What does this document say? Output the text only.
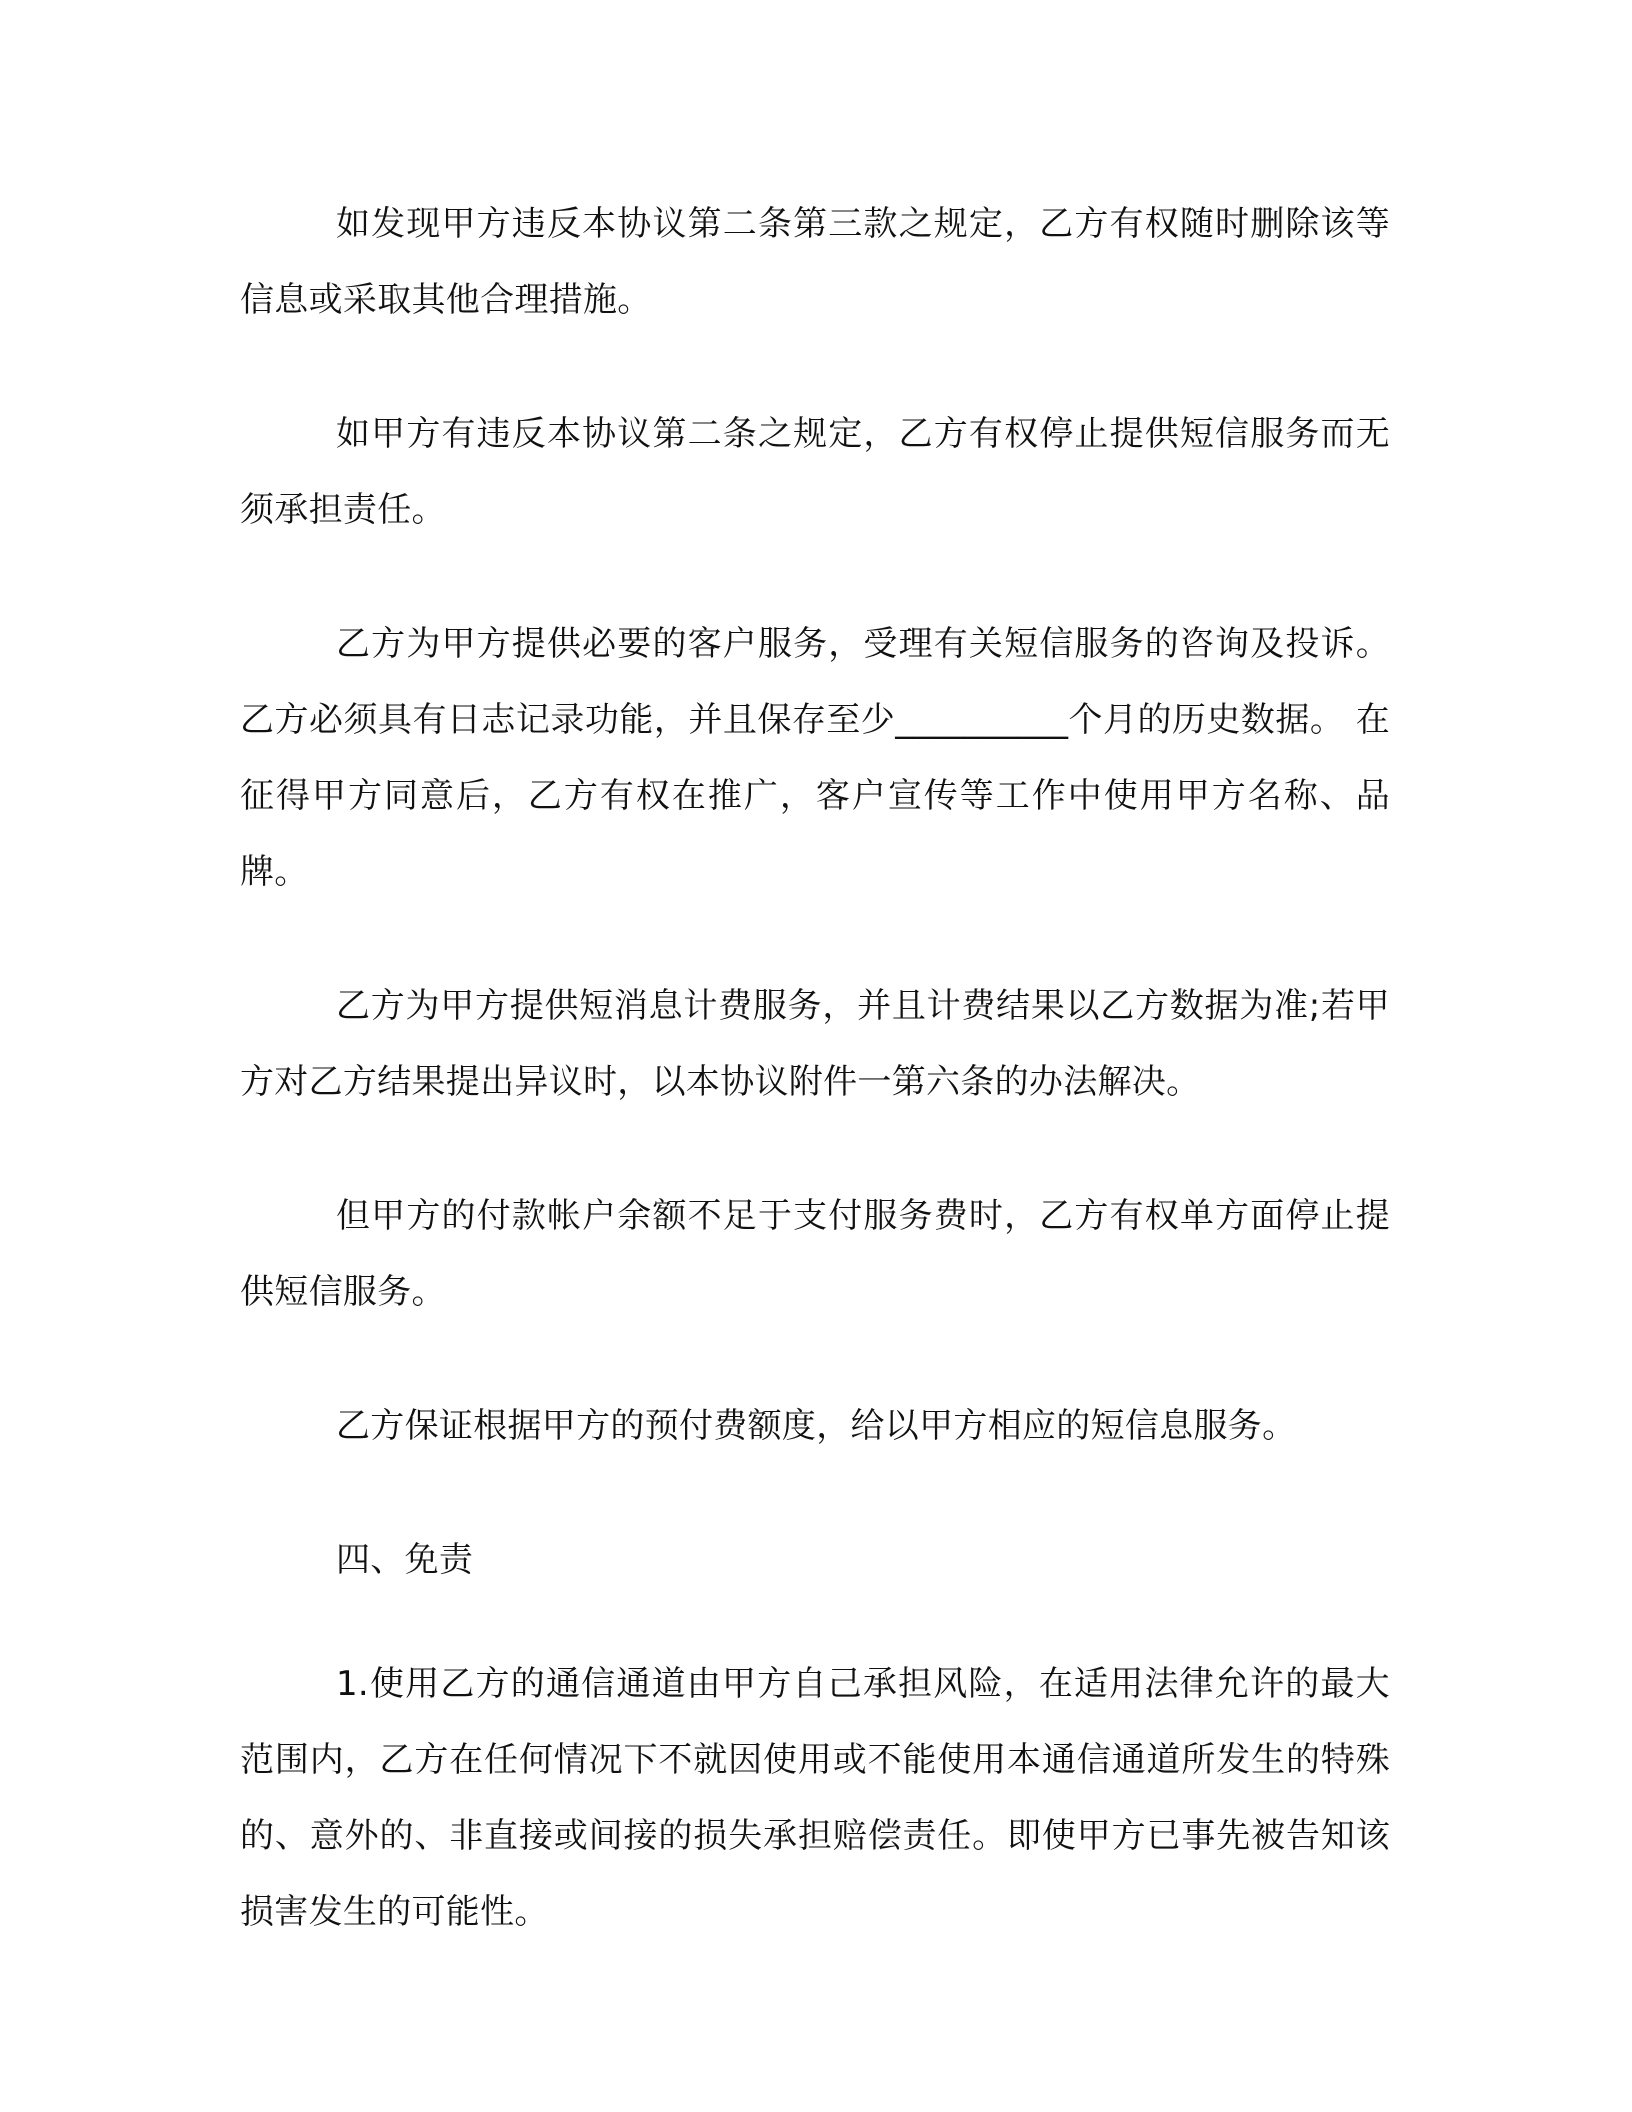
如发现甲方违反本协议第二条第三款之规定，乙方有权随时删除该等信息或采取其他合理措施。

如甲方有违反本协议第二条之规定，乙方有权停止提供短信服务而无须承担责任。

乙方为甲方提供必要的客户服务，受理有关短信服务的咨询及投诉。 乙方必须具有日志记录功能，并且保存至少__________个月的历史数据。 在征得甲方同意后，乙方有权在推广，客户宣传等工作中使用甲方名称、品牌。

乙方为甲方提供短消息计费服务，并且计费结果以乙方数据为准;若甲方对乙方结果提出异议时，以本协议附件一第六条的办法解决。

但甲方的付款帐户余额不足于支付服务费时，乙方有权单方面停止提供短信服务。

乙方保证根据甲方的预付费额度，给以甲方相应的短信息服务。

四、免责

1.使用乙方的通信通道由甲方自己承担风险，在适用法律允许的最大范围内，乙方在任何情况下不就因使用或不能使用本通信通道所发生的特殊的、意外的、非直接或间接的损失承担赔偿责任。即使甲方已事先被告知该损害发生的可能性。
